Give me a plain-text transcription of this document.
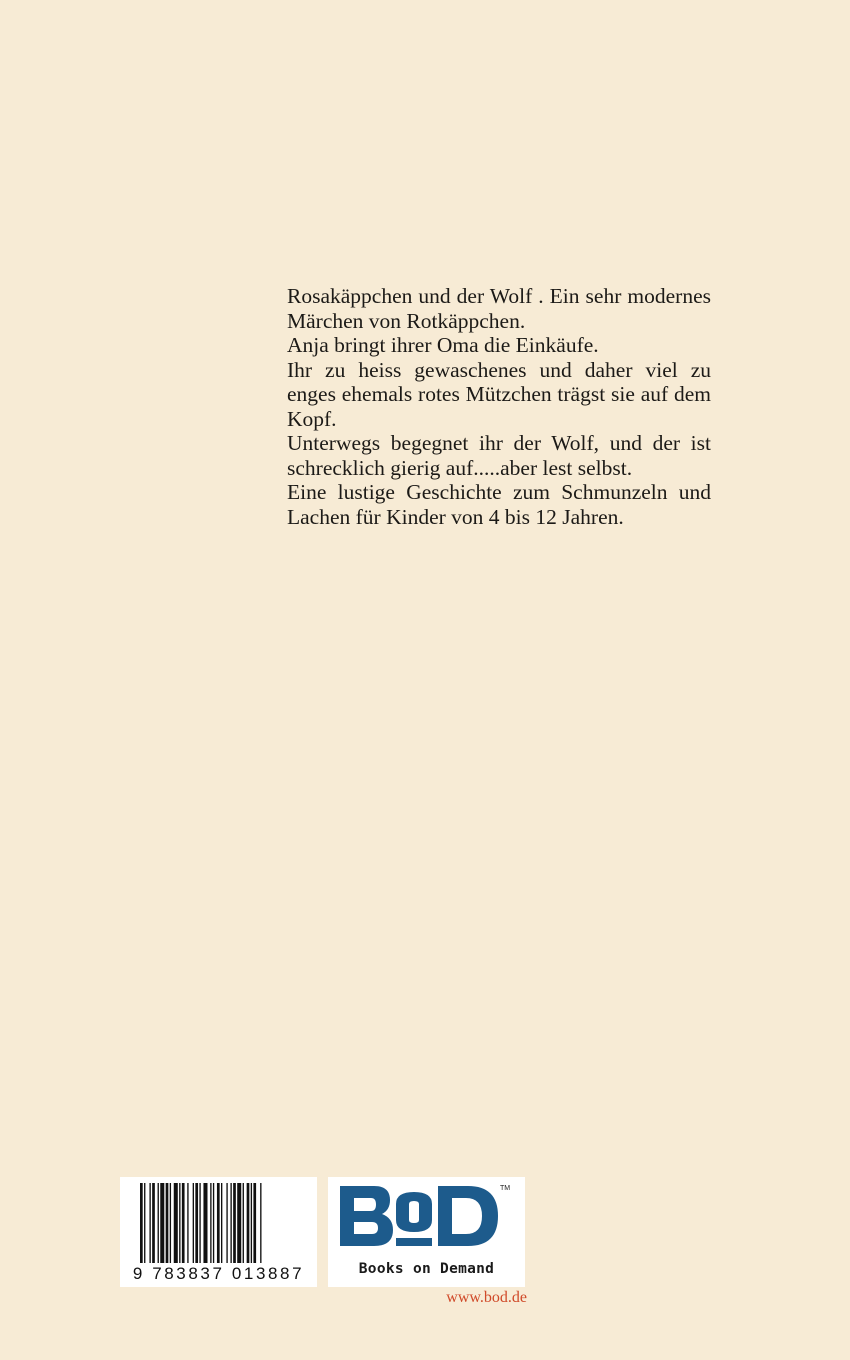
Rosakäppchen und der Wolf . Ein sehr modernes Märchen von Rotkäppchen.

Anja bringt ihrer Oma die Einkäufe.

Ihr zu heiss gewaschenes und daher viel zu enges ehemals rotes Mützchen trägst sie auf dem Kopf.

Unterwegs begegnet ihr der Wolf, und der ist schrecklich gierig auf.....aber lest selbst.

Eine lustige Geschichte zum Schmunzeln und Lachen für Kinder von 4 bis 12 Jahren.

9 783837 013887
TM
Books on Demand
www.bod.de
